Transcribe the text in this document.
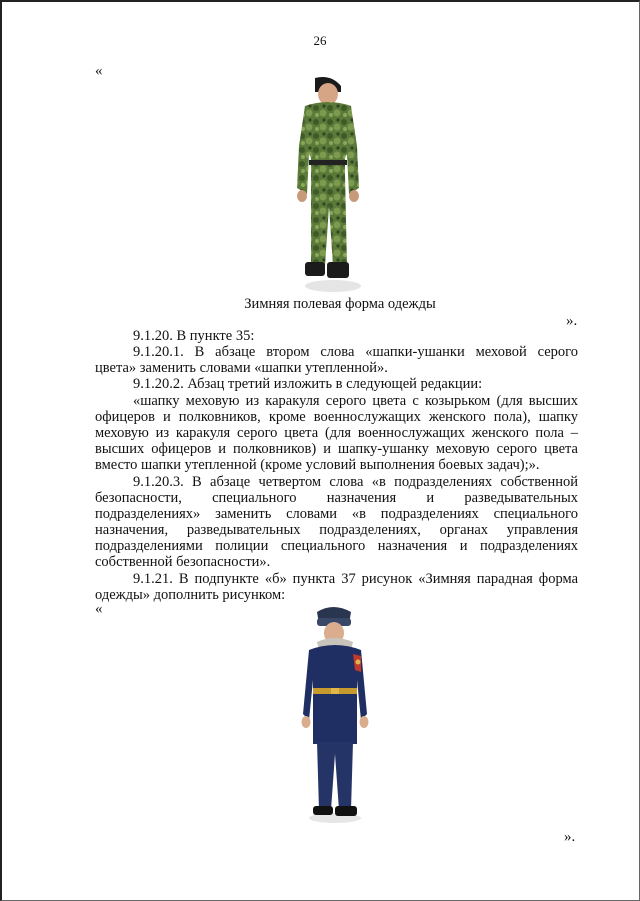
26
«
Зимняя полевая форма одежды
».
9.1.20. В пункте 35:
9.1.20.1. В абзаце втором слова «шапки-ушанки меховой серого
цвета» заменить словами «шапки утепленной».
9.1.20.2. Абзац третий изложить в следующей редакции:
«шапку меховую из каракуля серого цвета с козырьком (для высших
офицеров и полковников, кроме военнослужащих женского пола), шапку
меховую из каракуля серого цвета (для военнослужащих женского пола –
высших офицеров и полковников) и шапку-ушанку меховую серого цвета
вместо шапки утепленной (кроме условий выполнения боевых задач);».
9.1.20.3. В абзаце четвертом слова «в подразделениях собственной
безопасности, специального назначения и разведывательных
подразделениях» заменить словами «в подразделениях специального
назначения, разведывательных подразделениях, органах управления
подразделениями полиции специального назначения и подразделениях
собственной безопасности».
9.1.21. В подпункте «б» пункта 37 рисунок «Зимняя парадная форма
одежды» дополнить рисунком:
«
».
